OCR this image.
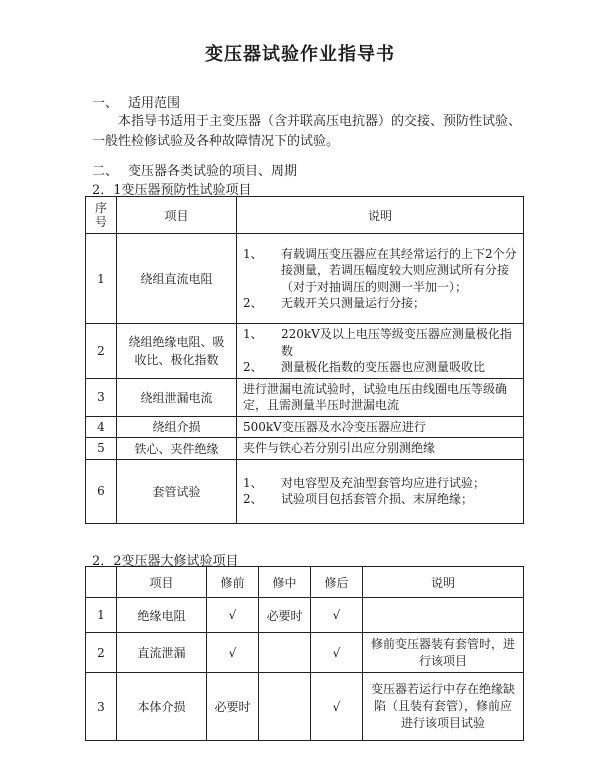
变压器试验作业指导书
一、 适用范围
本指导书适用于主变压器（含并联高压电抗器）的交接、预防性试验、一般性检修试验及各种故障情况下的试验。
二、 变压器各类试验的项目、周期
2．1变压器预防性试验项目
序号	项目	说明
1	绕组直流电阻	1、 有载调压变压器应在其经常运行的上下2个分接测量，若调压幅度较大则应测试所有分接（对于对抽调压的则测一半加一）；
2、 无载开关只测量运行分接；

2	绕组绝缘电阻、吸收比、极化指数	1、 220kV及以上电压等级变压器应测量极化指数
2、 测量极化指数的变压器也应测量吸收比

3	绕组泄漏电流	进行泄漏电流试验时，试验电压由线圈电压等级确定，且需测量半压时泄漏电流

4	绕组介损	500kV变压器及水冷变压器应进行

5	铁心、夹件绝缘	夹件与铁心若分别引出应分别测绝缘

6	套管试验	1、 对电容型及充油型套管均应进行试验；
2、 试验项目包括套管介损、末屏绝缘；
2．2变压器大修试验项目
	项目	修前	修中	修后	说明
1	绝缘电阻	√	必要时	√	
2	直流泄漏	√		√	修前变压器装有套管时，进行该项目
3	本体介损	必要时		√	变压器若运行中存在绝缘缺陷（且装有套管），修前应进行该项目试验
